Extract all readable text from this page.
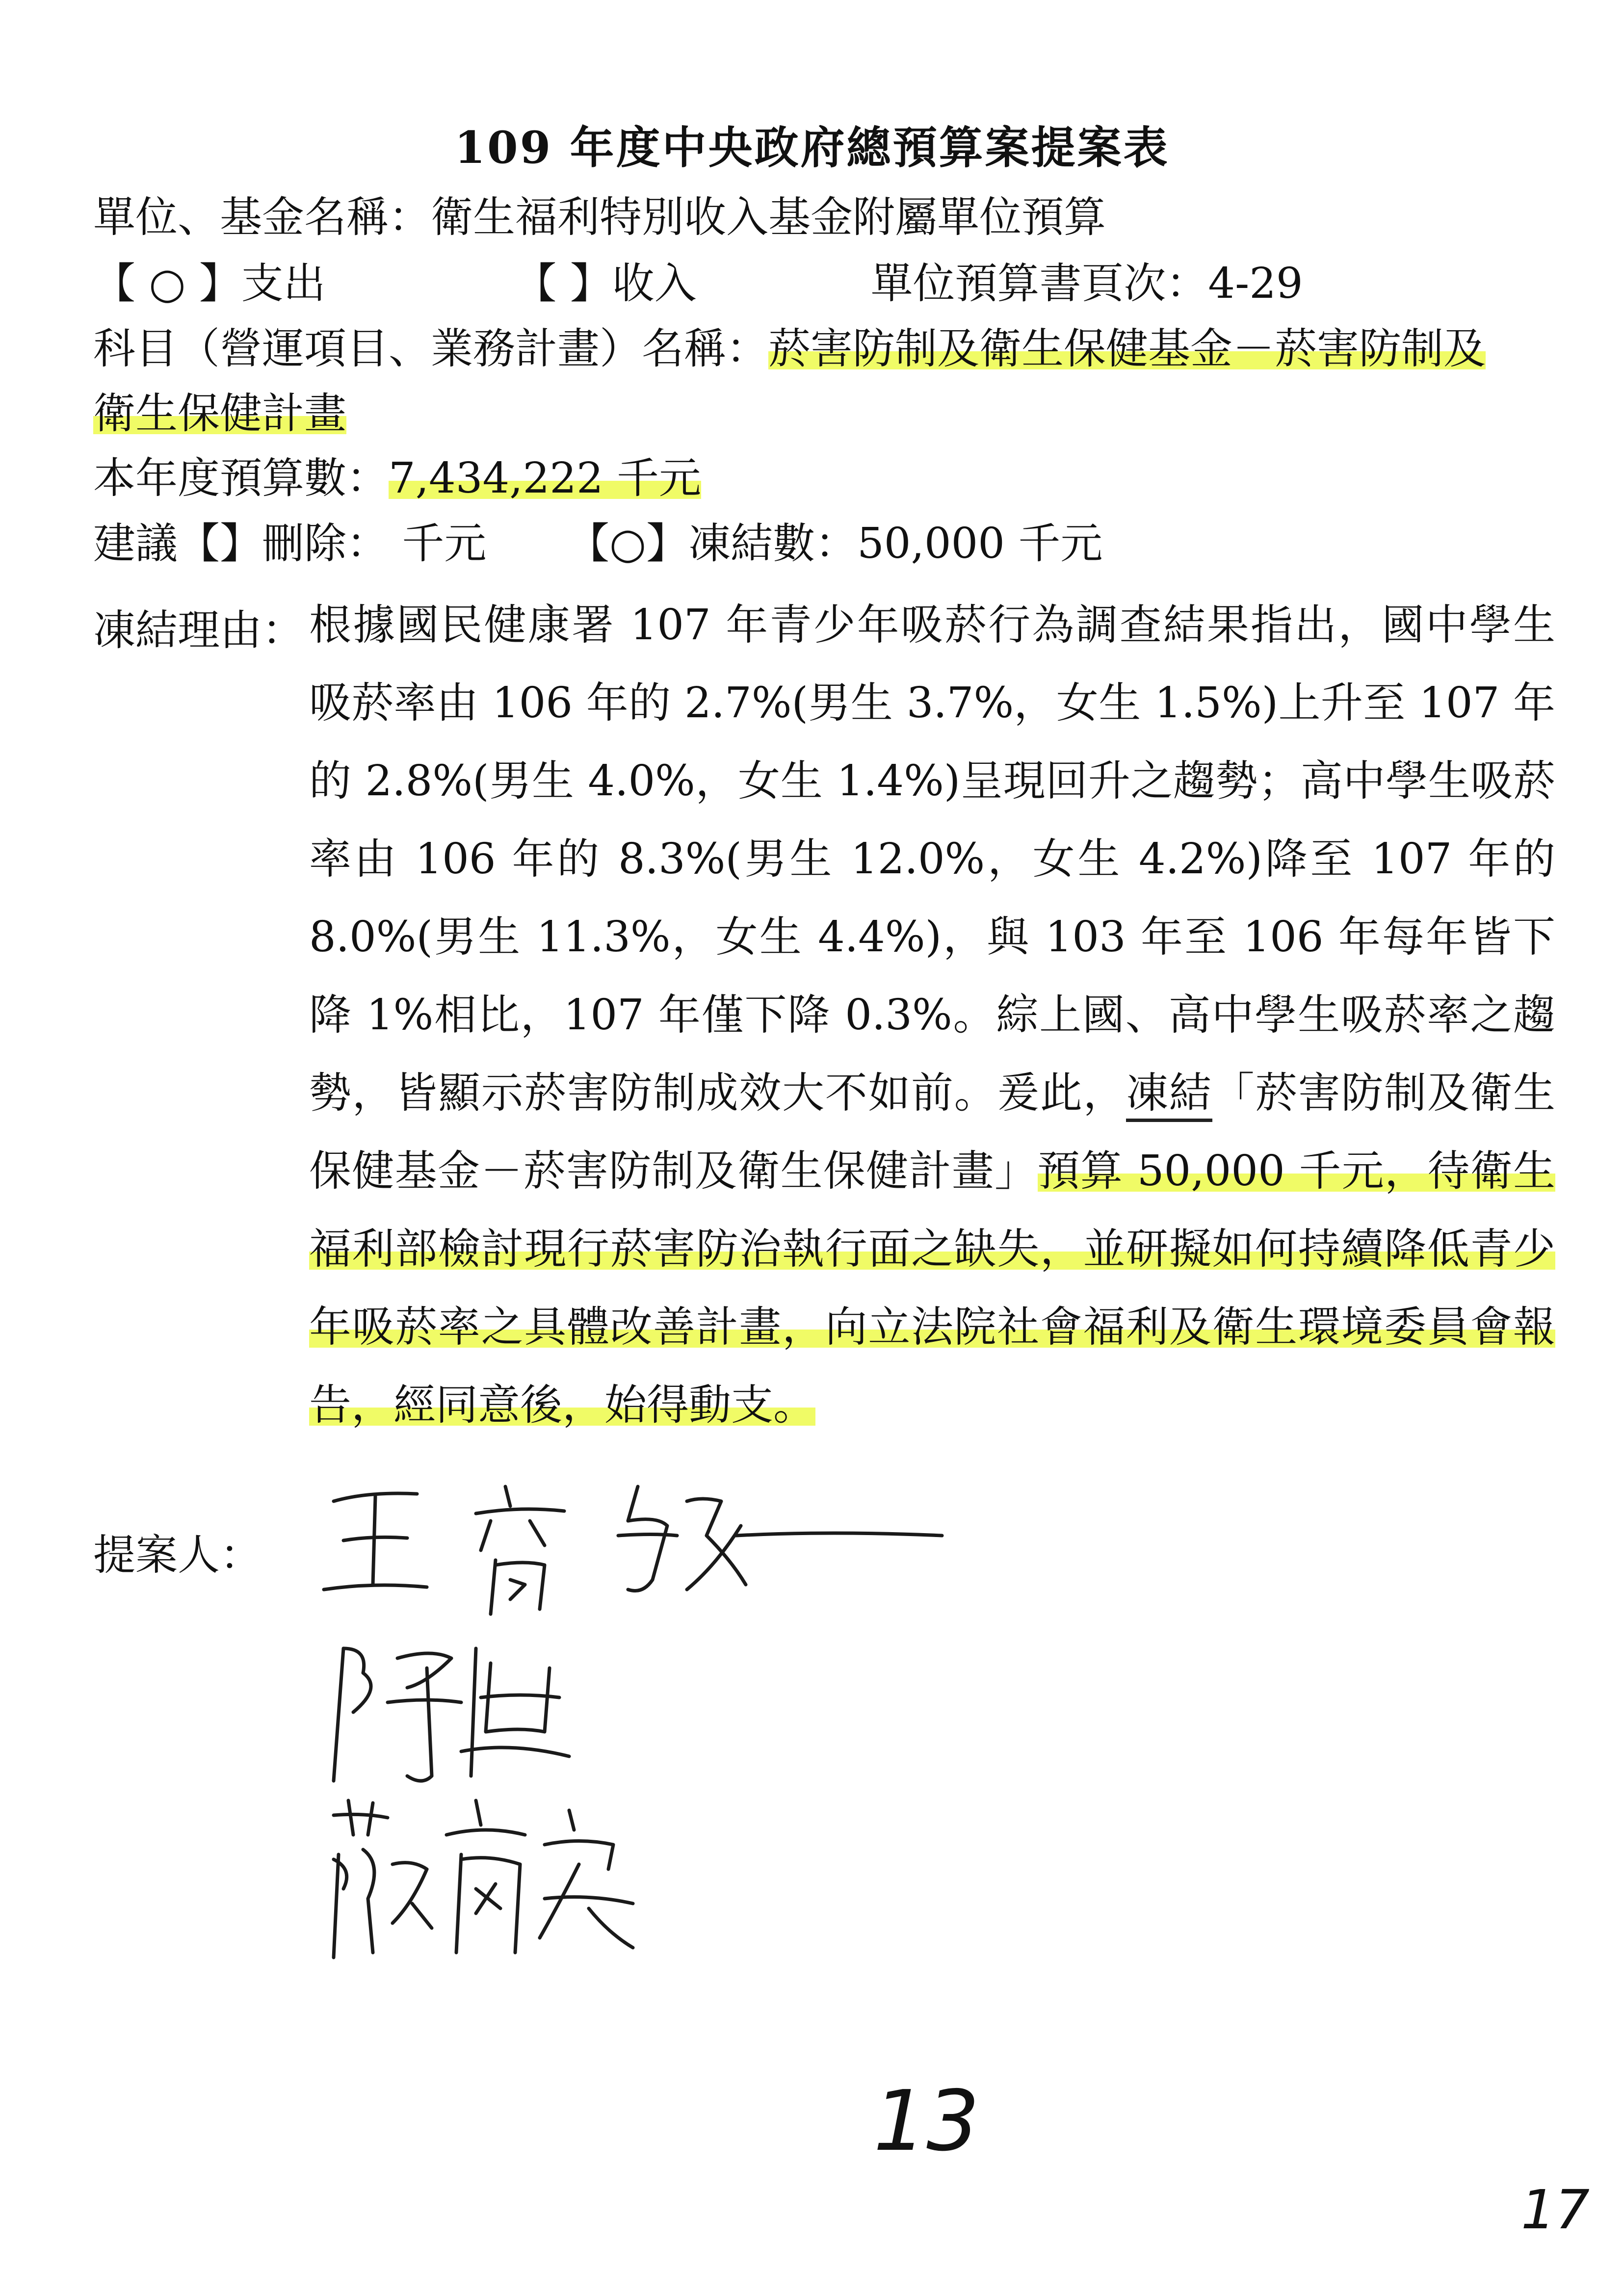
109 年度中央政府總預算案提案表
單位、基金名稱：衛生福利特別收入基金附屬單位預算
【 ○ 】支出	【 】收入	單位預算書頁次：4-29
科目（營運項目、業務計畫）名稱：菸害防制及衛生保健基金－菸害防制及
衛生保健計畫
本年度預算數：7,434,222 千元
建議【】刪除： 千元 【○】凍結數：50,000 千元
凍結理由： 根據國民健康署 107 年青少年吸菸行為調查結果指出，國中學生吸菸率由 106 年的 2.7%(男生 3.7%，女生 1.5%)上升至 107 年的 2.8%(男生 4.0%，女生 1.4%)呈現回升之趨勢；高中學生吸菸率由 106 年的 8.3%(男生 12.0%，女生 4.2%)降至 107 年的 8.0%(男生 11.3%，女生 4.4%)，與 103 年至 106 年每年皆下降 1%相比，107 年僅下降 0.3%。綜上國、高中學生吸菸率之趨勢，皆顯示菸害防制成效大不如前。爰此，凍結「菸害防制及衛生保健基金－菸害防制及衛生保健計畫」預算 50,000 千元，待衛生福利部檢討現行菸害防治執行面之缺失，並研擬如何持續降低青少年吸菸率之具體改善計畫，向立法院社會福利及衛生環境委員會報告，經同意後，始得動支。
提案人：
13
17
